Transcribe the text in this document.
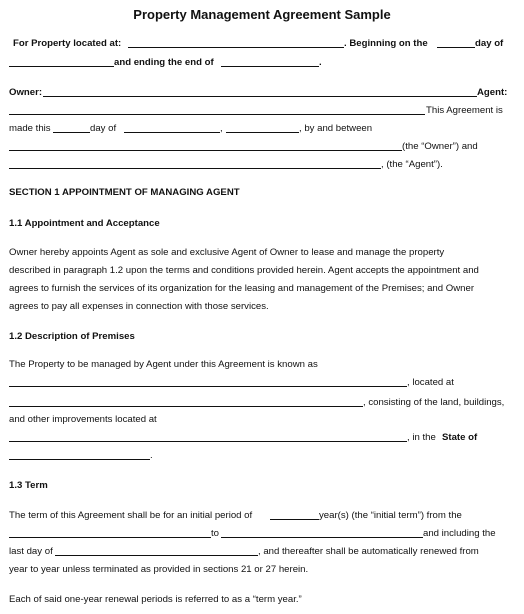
Property Management Agreement Sample
For Property located at:	. Beginning on the	day of
and ending the end of	.
Owner:	Agent:
This Agreement is
made this	day of	,	, by and between
(the “Owner”) and
, (the “Agent”).
SECTION 1 APPOINTMENT OF MANAGING AGENT
1.1 Appointment and Acceptance
Owner hereby appoints Agent as sole and exclusive Agent of Owner to lease and manage the property
described in paragraph 1.2 upon the terms and conditions provided herein. Agent accepts the appointment and
agrees to furnish the services of its organization for the leasing and management of the Premises; and Owner
agrees to pay all expenses in connection with those services.
1.2 Description of Premises
The Property to be managed by Agent under this Agreement is known as
, located at
, consisting of the land, buildings,
and other improvements located at
, in the State of
.
1.3 Term
The term of this Agreement shall be for an initial period of	year(s) (the “initial term”) from the
to	and including the
last day of	, and thereafter shall be automatically renewed from
year to year unless terminated as provided in sections 21 or 27 herein.
Each of said one-year renewal periods is referred to as a “term year.”
